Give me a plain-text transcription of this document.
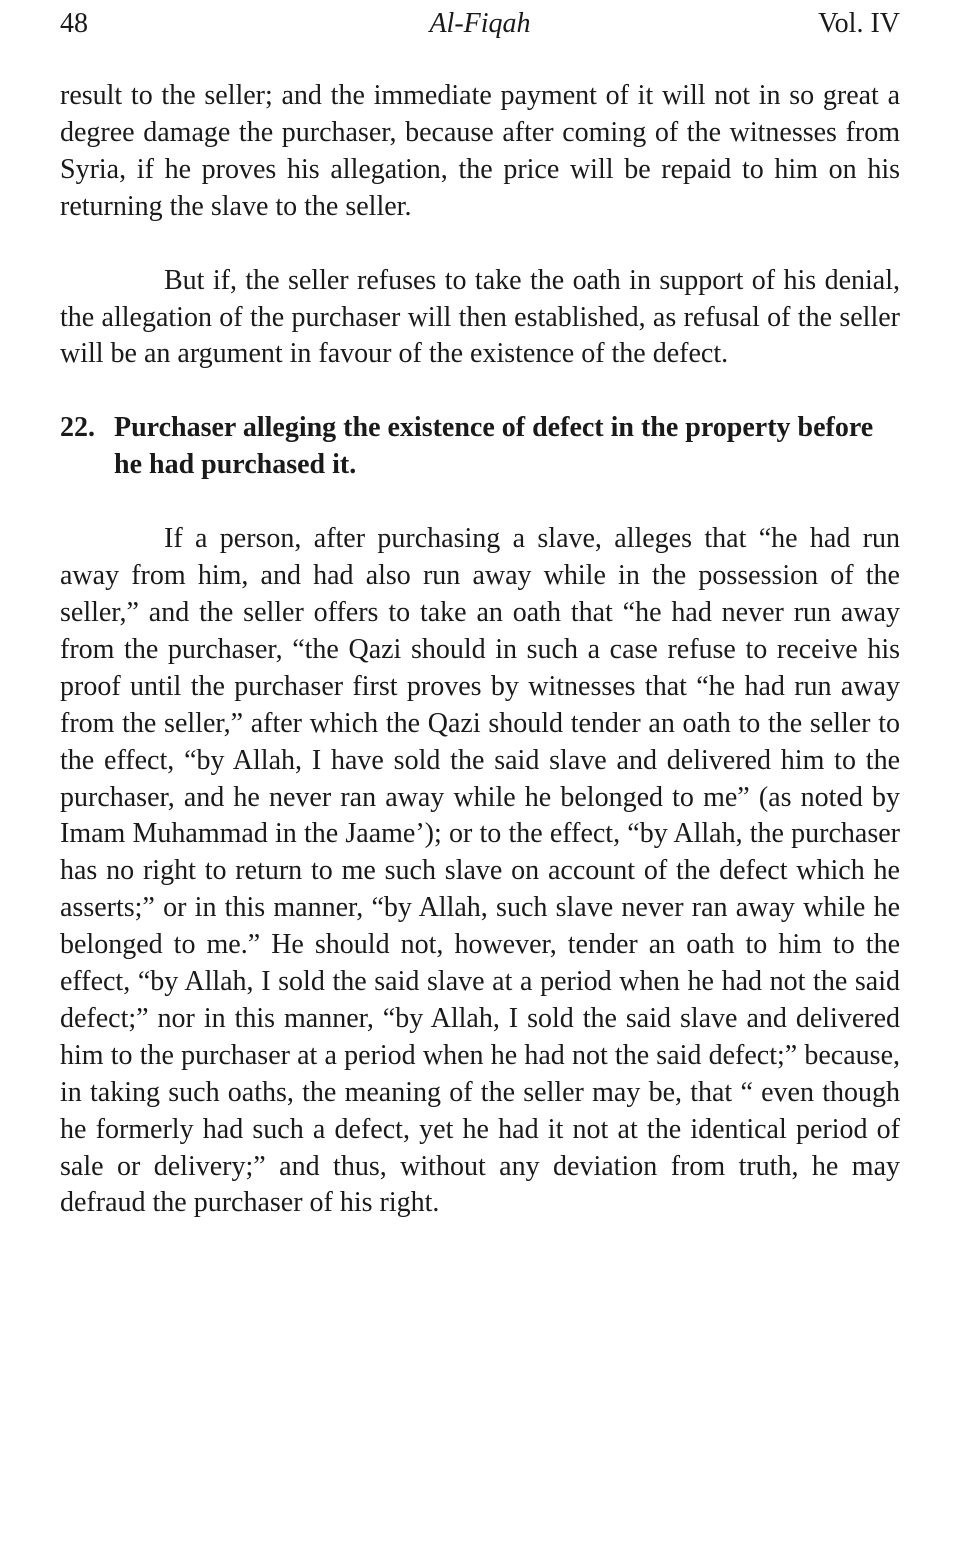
48	Al-Fiqah	Vol. IV

result to the seller; and the immediate payment of it will not in so great a degree damage the purchaser, because after coming of the witnesses from Syria, if he proves his allegation, the price will be repaid to him on his returning the slave to the seller.

But if, the seller refuses to take the oath in support of his denial, the allegation of the purchaser will then established, as refusal of the seller will be an argument in favour of the existence of the defect.

22. Purchaser alleging the existence of defect in the property before he had purchased it.

If a person, after purchasing a slave, alleges that “he had run away from him, and had also run away while in the possession of the seller,” and the seller offers to take an oath that “he had never run away from the purchaser, “the Qazi should in such a case refuse to receive his proof until the purchaser first proves by witnesses that “he had run away from the seller,” after which the Qazi should tender an oath to the seller to the effect, “by Allah, I have sold the said slave and delivered him to the purchaser, and he never ran away while he belonged to me” (as noted by Imam Muhammad in the Jaame’); or to the effect, “by Allah, the purchaser has no right to return to me such slave on account of the defect which he asserts;” or in this manner, “by Allah, such slave never ran away while he belonged to me.” He should not, however, tender an oath to him to the effect, “by Allah, I sold the said slave at a period when he had not the said defect;” nor in this manner, “by Allah, I sold the said slave and delivered him to the purchaser at a period when he had not the said defect;” because, in taking such oaths, the meaning of the seller may be, that “ even though he formerly had such a defect, yet he had it not at the identical period of sale or delivery;” and thus, without any deviation from truth, he may defraud the purchaser of his right.
